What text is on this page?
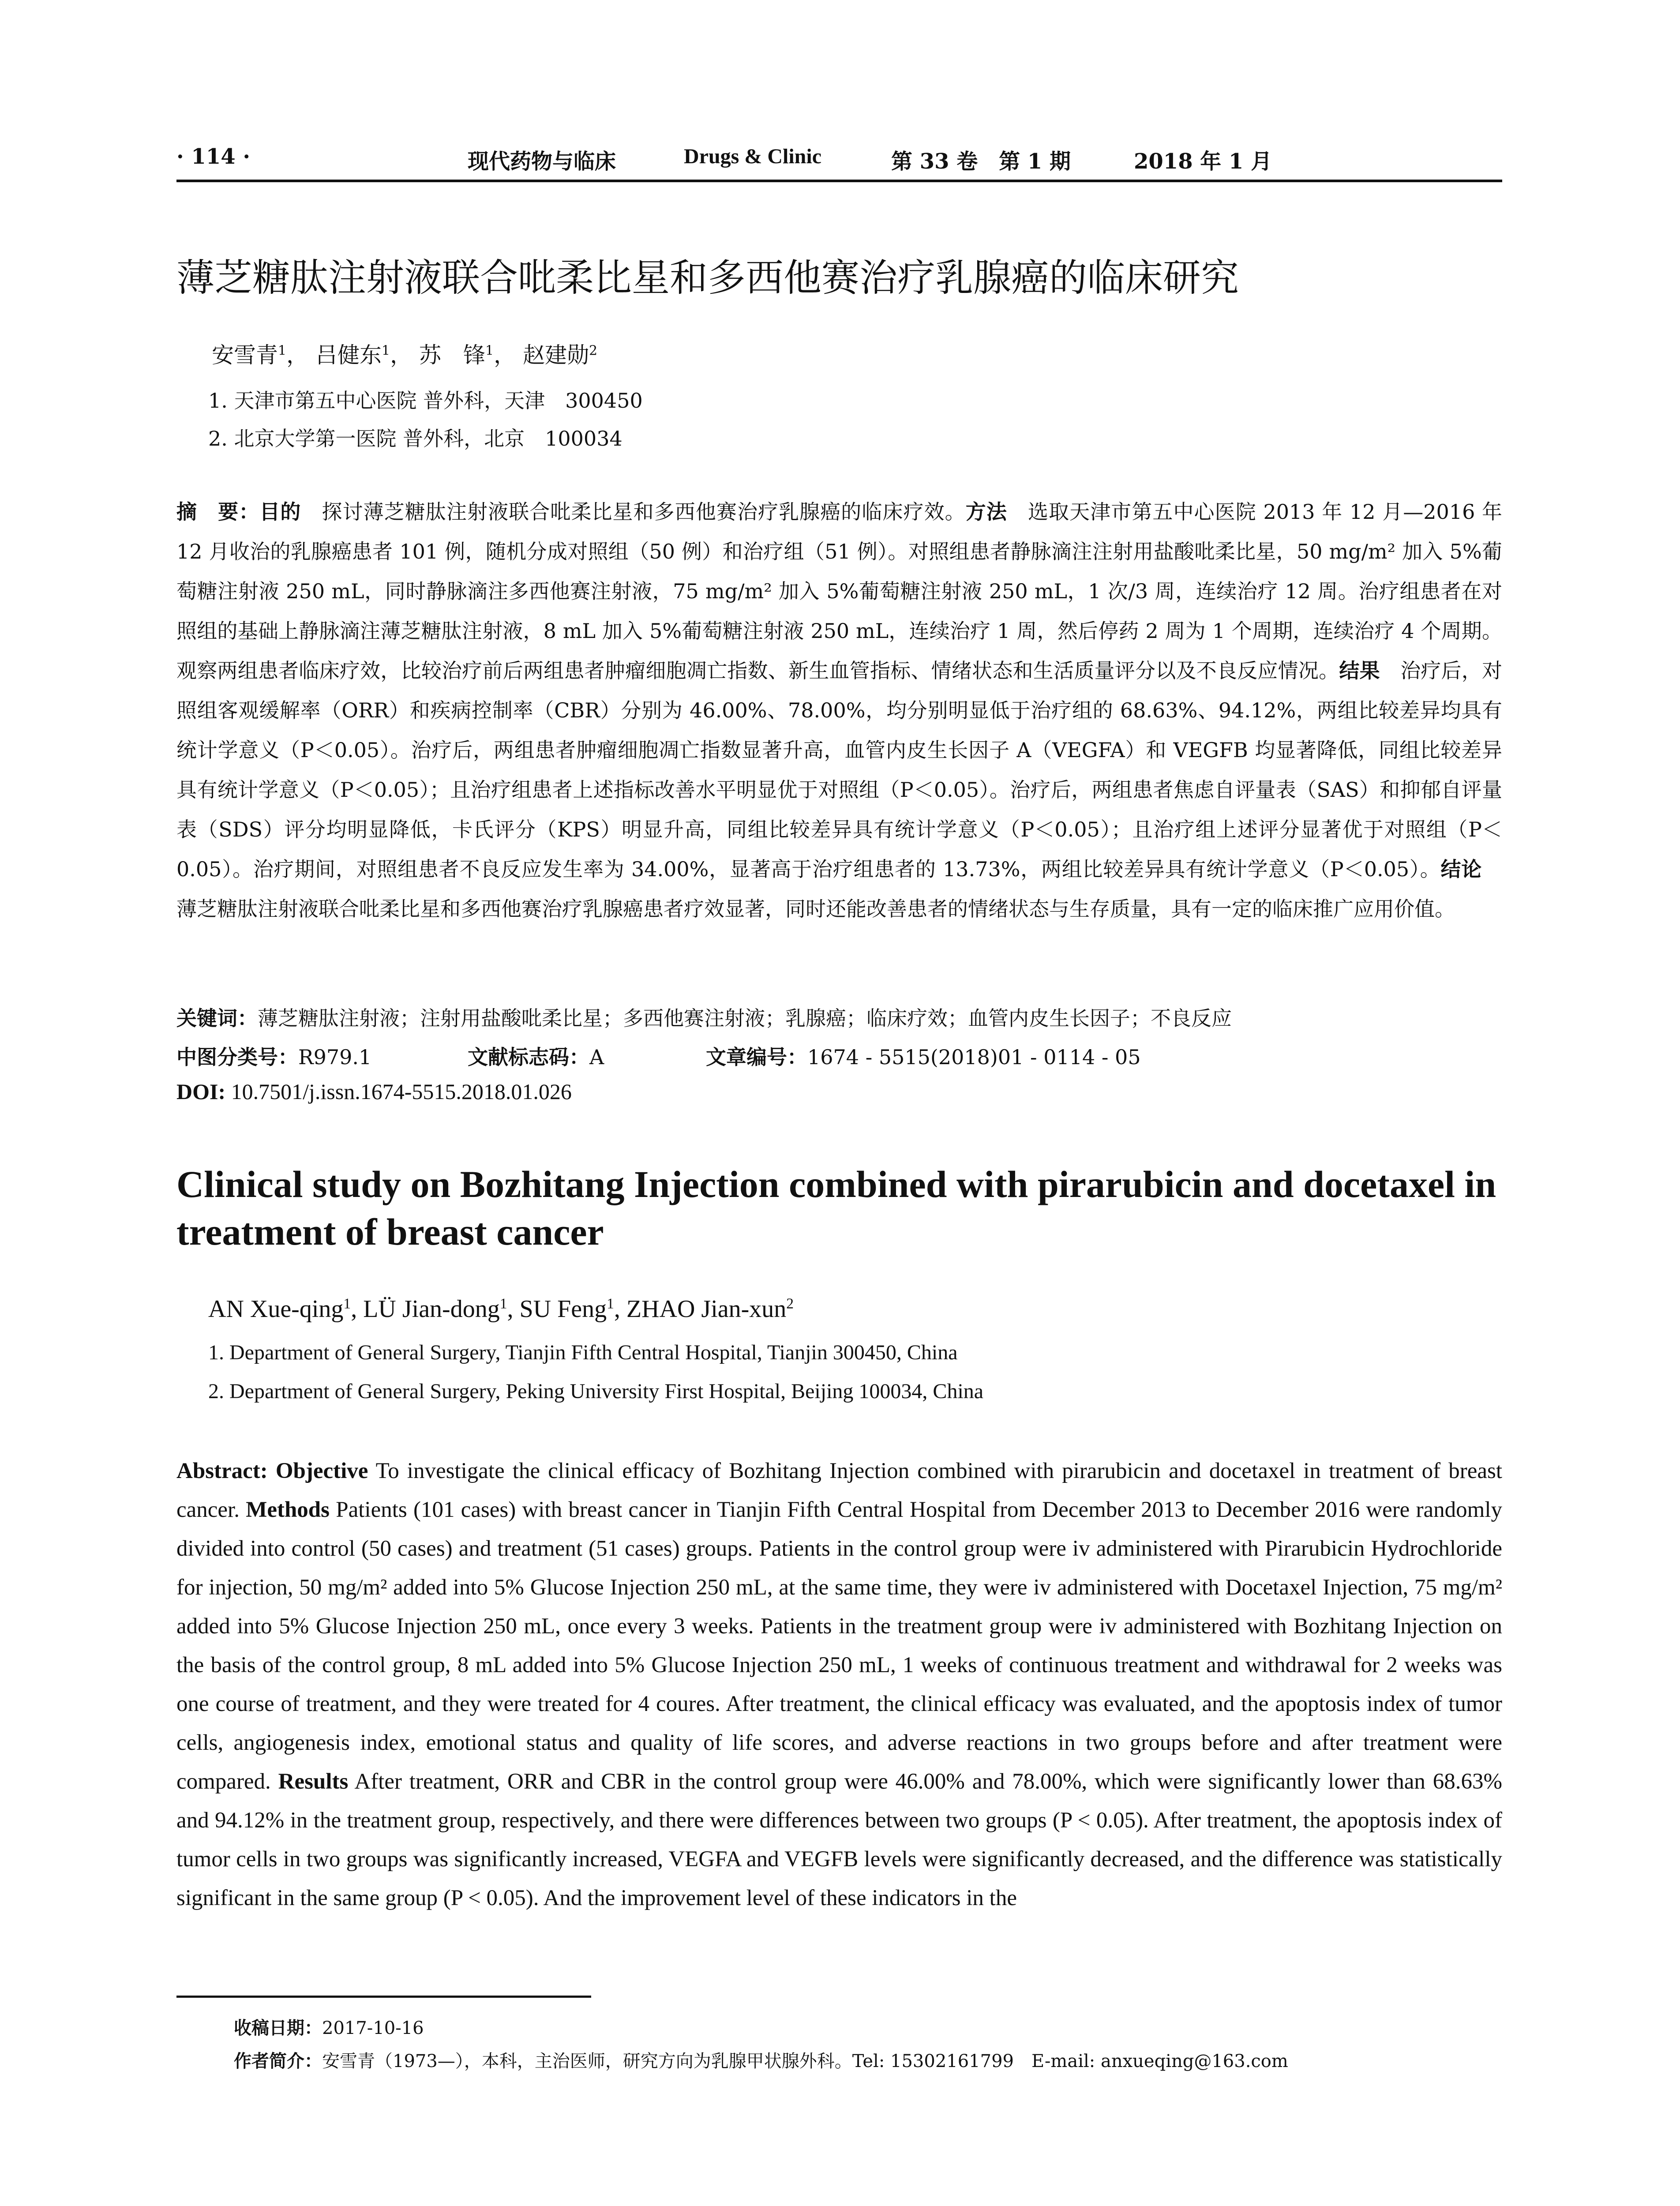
· 114 ·	现代药物与临床	Drugs & Clinic	第 33 卷　第 1 期	2018 年 1 月
薄芝糖肽注射液联合吡柔比星和多西他赛治疗乳腺癌的临床研究
安雪青$^1$， 吕健东$^1$， 苏　锋$^1$， 赵建勋$^2$
1. 天津市第五中心医院 普外科，天津　300450
2. 北京大学第一医院 普外科，北京　100034
摘　要：目的　探讨薄芝糖肽注射液联合吡柔比星和多西他赛治疗乳腺癌的临床疗效。方法　选取天津市第五中心医院 2013 年 12 月—2016 年 12 月收治的乳腺癌患者 101 例，随机分成对照组（50 例）和治疗组（51 例）。对照组患者静脉滴注注射用盐酸吡柔比星，50 mg/m² 加入 5%葡萄糖注射液 250 mL，同时静脉滴注多西他赛注射液，75 mg/m² 加入 5%葡萄糖注射液 250 mL，1 次/3 周，连续治疗 12 周。治疗组患者在对照组的基础上静脉滴注薄芝糖肽注射液，8 mL 加入 5%葡萄糖注射液 250 mL，连续治疗 1 周，然后停药 2 周为 1 个周期，连续治疗 4 个周期。观察两组患者临床疗效，比较治疗前后两组患者肿瘤细胞凋亡指数、新生血管指标、情绪状态和生活质量评分以及不良反应情况。结果　治疗后，对照组客观缓解率（ORR）和疾病控制率（CBR）分别为 46.00%、78.00%，均分别明显低于治疗组的 68.63%、94.12%，两组比较差异均具有统计学意义（P＜0.05）。治疗后，两组患者肿瘤细胞凋亡指数显著升高，血管内皮生长因子 A（VEGFA）和 VEGFB 均显著降低，同组比较差异具有统计学意义（P＜0.05）；且治疗组患者上述指标改善水平明显优于对照组（P＜0.05）。治疗后，两组患者焦虑自评量表（SAS）和抑郁自评量表（SDS）评分均明显降低，卡氏评分（KPS）明显升高，同组比较差异具有统计学意义（P＜0.05）；且治疗组上述评分显著优于对照组（P＜0.05）。治疗期间，对照组患者不良反应发生率为 34.00%，显著高于治疗组患者的 13.73%，两组比较差异具有统计学意义（P＜0.05）。结论　薄芝糖肽注射液联合吡柔比星和多西他赛治疗乳腺癌患者疗效显著，同时还能改善患者的情绪状态与生存质量，具有一定的临床推广应用价值。
关键词：薄芝糖肽注射液；注射用盐酸吡柔比星；多西他赛注射液；乳腺癌；临床疗效；血管内皮生长因子；不良反应
中图分类号：R979.1	文献标志码：A	文章编号：1674 - 5515(2018)01 - 0114 - 05
DOI: 10.7501/j.issn.1674-5515.2018.01.026
Clinical study on Bozhitang Injection combined with pirarubicin and docetaxel in treatment of breast cancer
AN Xue-qing$^1$, LÜ Jian-dong$^1$, SU Feng$^1$, ZHAO Jian-xun$^2$
1. Department of General Surgery, Tianjin Fifth Central Hospital, Tianjin 300450, China
2. Department of General Surgery, Peking University First Hospital, Beijing 100034, China
Abstract: Objective To investigate the clinical efficacy of Bozhitang Injection combined with pirarubicin and docetaxel in treatment of breast cancer. Methods Patients (101 cases) with breast cancer in Tianjin Fifth Central Hospital from December 2013 to December 2016 were randomly divided into control (50 cases) and treatment (51 cases) groups. Patients in the control group were iv administered with Pirarubicin Hydrochloride for injection, 50 mg/m² added into 5% Glucose Injection 250 mL, at the same time, they were iv administered with Docetaxel Injection, 75 mg/m² added into 5% Glucose Injection 250 mL, once every 3 weeks. Patients in the treatment group were iv administered with Bozhitang Injection on the basis of the control group, 8 mL added into 5% Glucose Injection 250 mL, 1 weeks of continuous treatment and withdrawal for 2 weeks was one course of treatment, and they were treated for 4 coures. After treatment, the clinical efficacy was evaluated, and the apoptosis index of tumor cells, angiogenesis index, emotional status and quality of life scores, and adverse reactions in two groups before and after treatment were compared. Results After treatment, ORR and CBR in the control group were 46.00% and 78.00%, which were significantly lower than 68.63% and 94.12% in the treatment group, respectively, and there were differences between two groups (P < 0.05). After treatment, the apoptosis index of tumor cells in two groups was significantly increased, VEGFA and VEGFB levels were significantly decreased, and the difference was statistically significant in the same group (P < 0.05). And the improvement level of these indicators in the
收稿日期：2017-10-16
作者简介：安雪青（1973—），本科，主治医师，研究方向为乳腺甲状腺外科。Tel: 15302161799　E-mail: anxueqing@163.com
